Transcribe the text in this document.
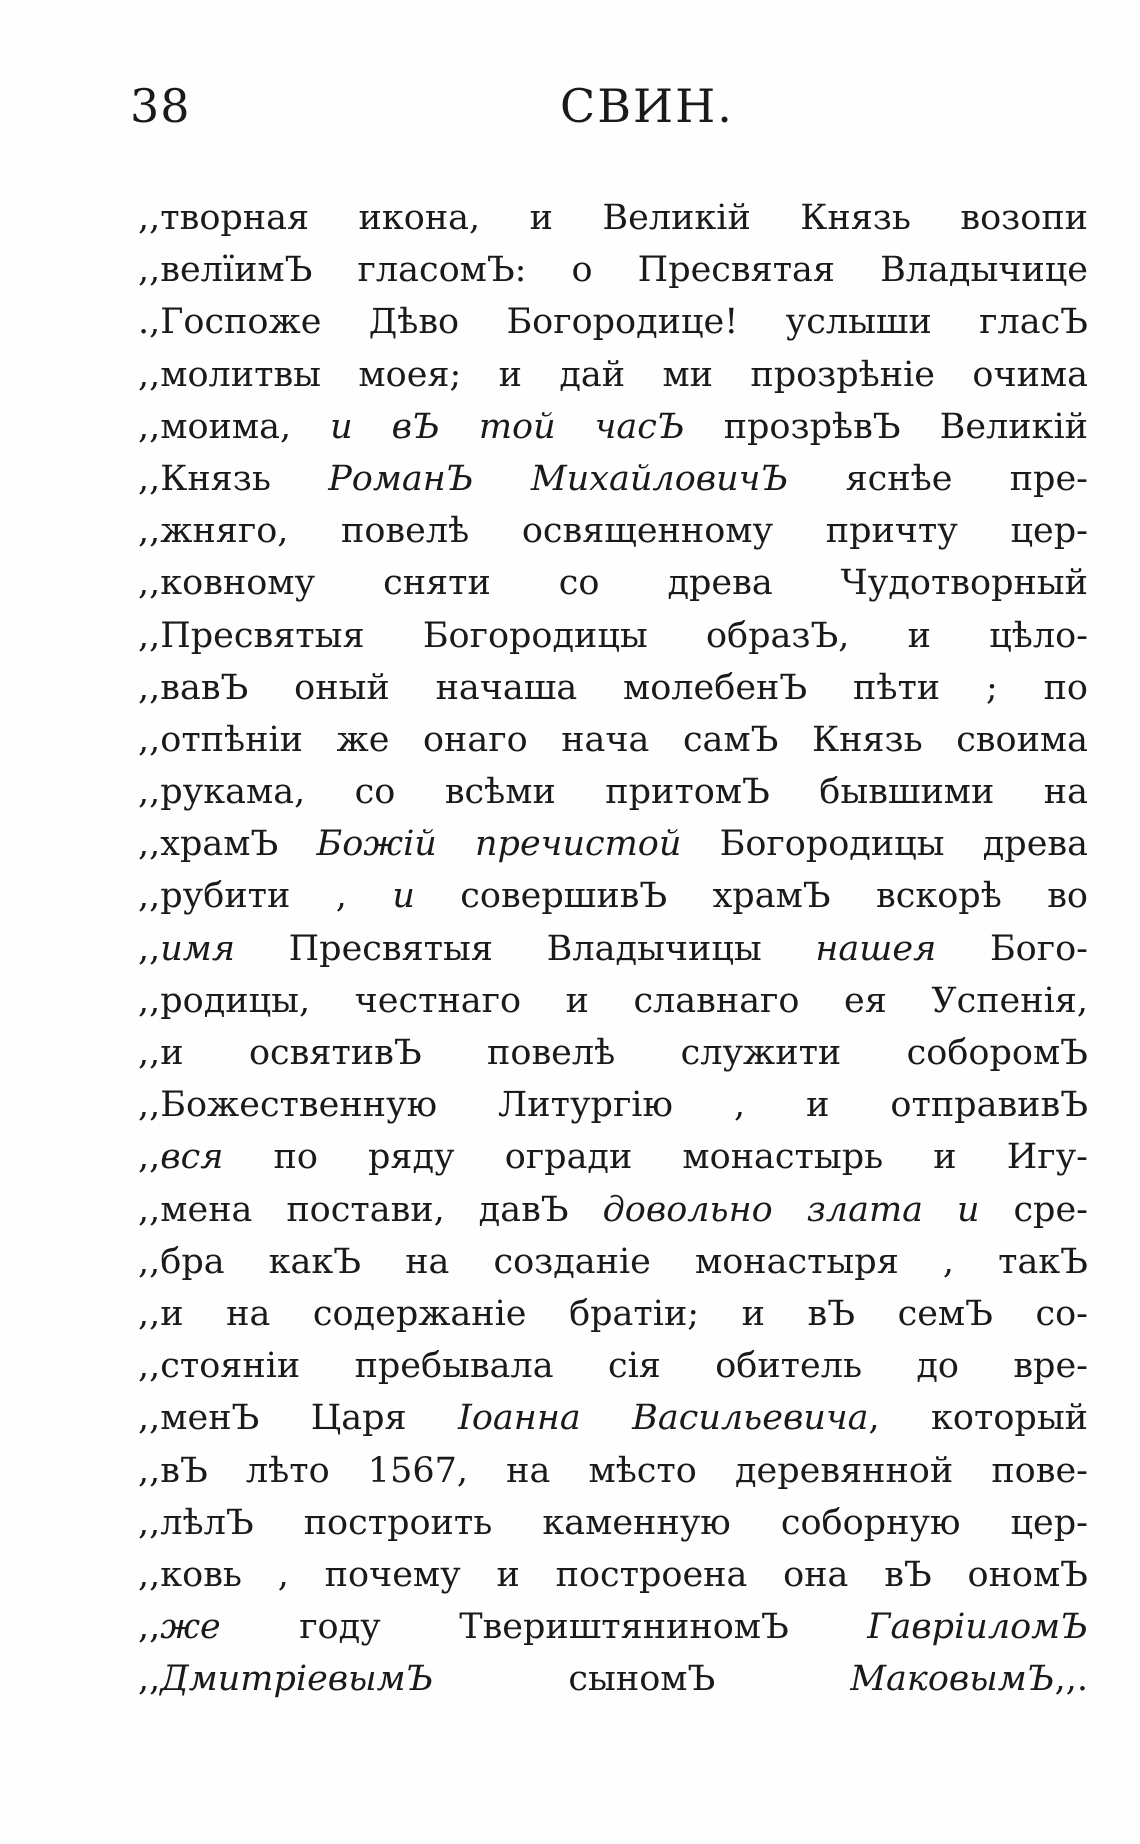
38	СВИН.
,,творная икона, и Великій Князь возопи
,,велїимЪ гласомЪ: о Пресвятая Владычице
.,Госпоже Дѣво Богородице! услыши гласЪ
,,молитвы моея; и дай ми прозрѣніе очима
,,моима, и вЪ той часЪ прозрѣвЪ Великій
,,Князь РоманЪ МихайловичЪ яснѣе пре-
,,жняго, повелѣ освященному причту цер-
,,ковному сняти со древа Чудотворный
,,Пресвятыя Богородицы образЪ, и цѣло-
,,вавЪ оный начаша молебенЪ пѣти ; по
,,отпѣніи же онаго нача самЪ Князь своима
,,рукама, со всѣми притомЪ бывшими на
,,храмЪ Божій пречистой Богородицы древа
,,рубити , и совершивЪ храмЪ вскорѣ во
,,имя Пресвятыя Владычицы нашея Бого-
,,родицы, честнаго и славнаго ея Успенія,
,,и освятивЪ повелѣ служити соборомЪ
,,Божественную Литургію , и отправивЪ
,,вся по ряду огради монастырь и Игу-
,,мена постави, давЪ довольно злата и сре-
,,бра какЪ на созданіе монастыря , такЪ
,,и на содержаніе братіи; и вЪ семЪ со-
,,стояніи пребывала сія обитель до вре-
,,менЪ Царя Іоанна Васильевича, который
,,вЪ лѣто 1567, на мѣсто деревянной пове-
,,лѣлЪ построить каменную соборную цер-
,,ковь , почему и построена она вЪ ономЪ
,,же году ТвериштяниномЪ ГавріиломЪ
,,ДмитріевымЪ сыномЪ МаковымЪ,,.
